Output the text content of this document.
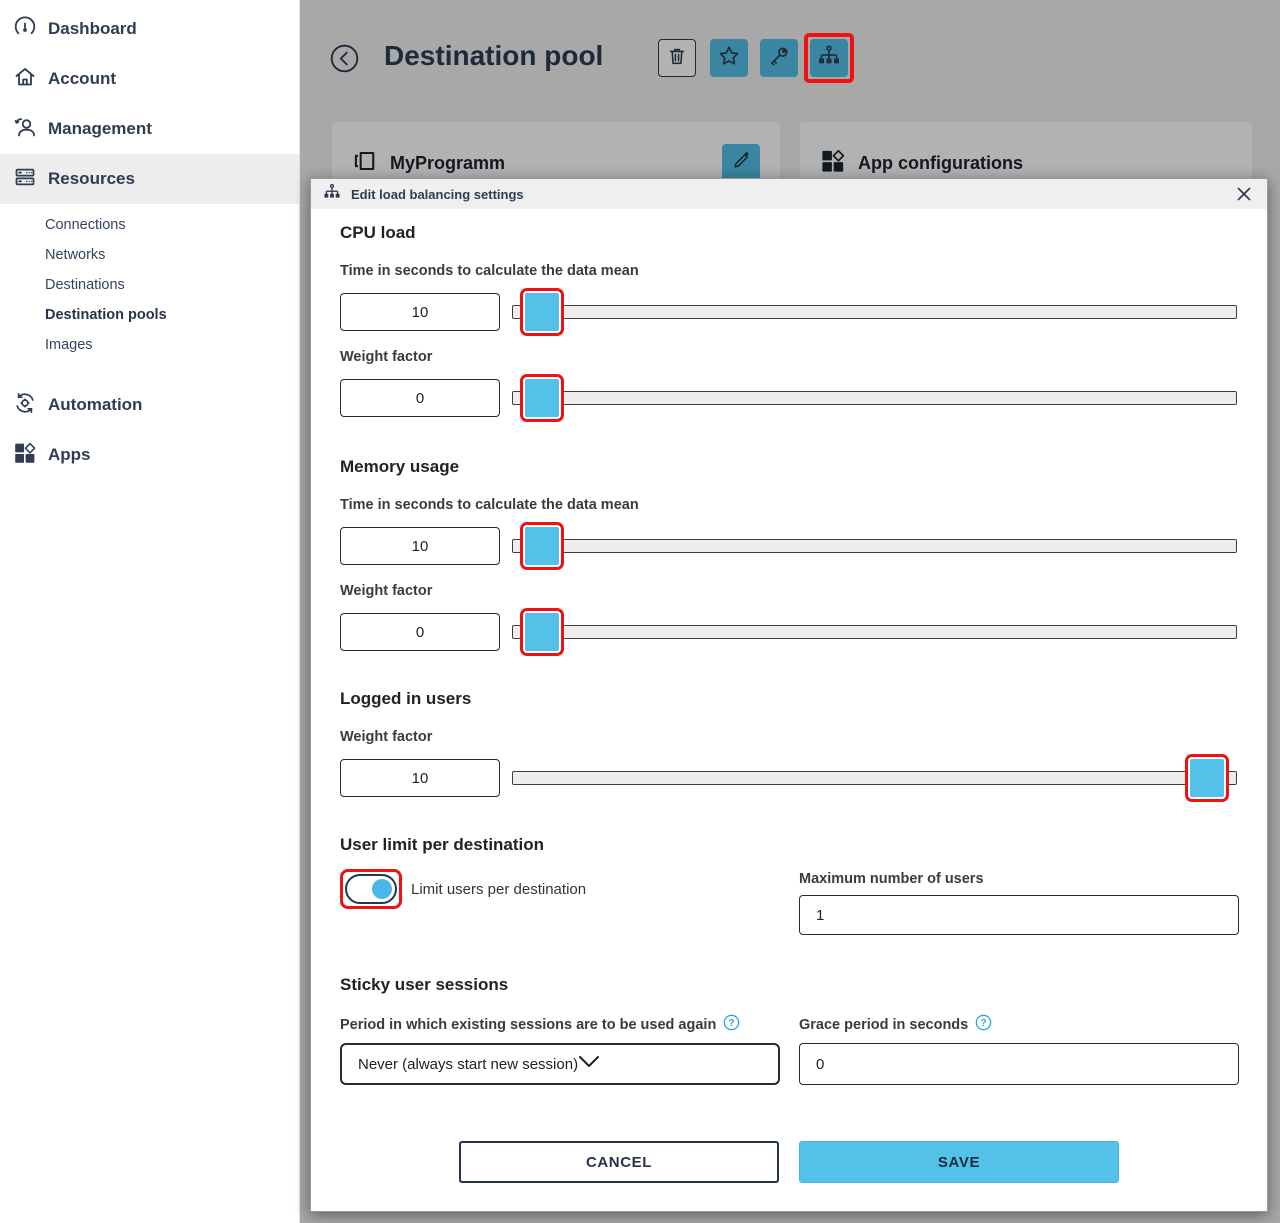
Dashboard
Account
Management
Resources
Connections
Networks
Destinations
Destination pools
Images
Automation
Apps
Destination pool
MyProgramm	App configurations
Edit load balancing settings
CPU load
Time in seconds to calculate the data mean
10
Weight factor
0
Memory usage
Time in seconds to calculate the data mean
10
Weight factor
0
Logged in users
Weight factor
10
User limit per destination
Limit users per destination
Maximum number of users
1
Sticky user sessions
Period in which existing sessions are to be used again ?
Never (always start new session)
Grace period in seconds ?
0
CANCEL	SAVE
